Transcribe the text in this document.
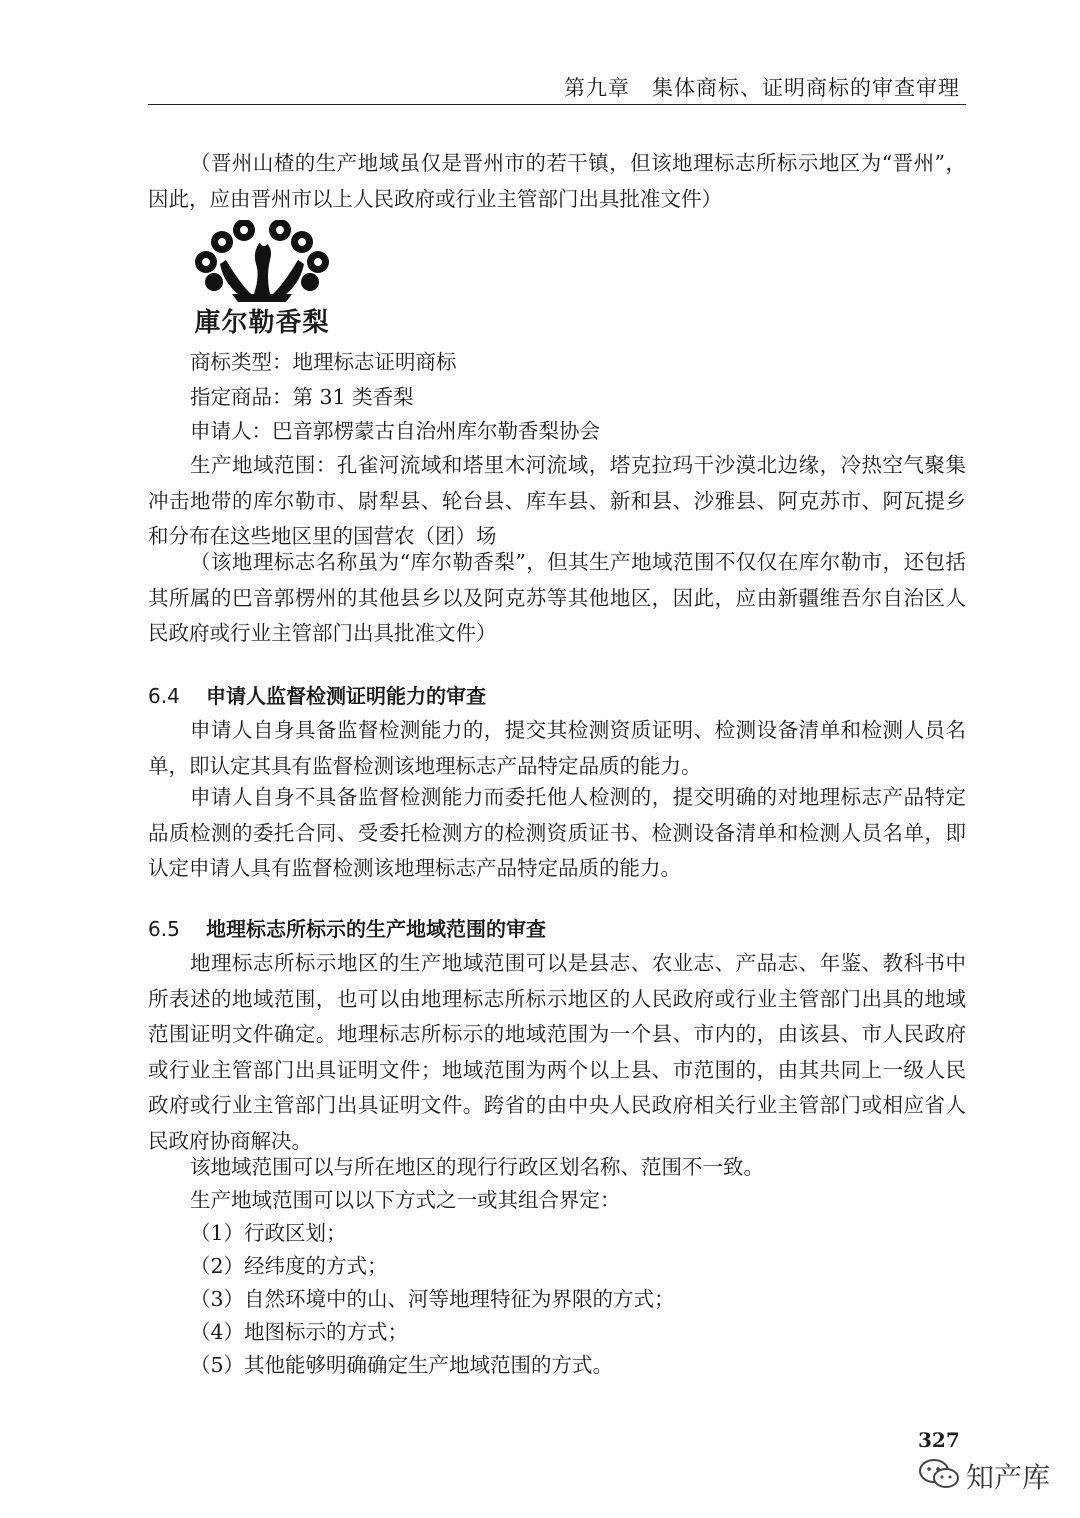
第九章　集体商标、证明商标的审查审理

（晋州山楂的生产地域虽仅是晋州市的若干镇，但该地理标志所标示地区为“晋州”，因此，应由晋州市以上人民政府或行业主管部门出具批准文件）

庫尔勒香梨

商标类型：地理标志证明商标

指定商品：第 31 类香梨

申请人：巴音郭楞蒙古自治州库尔勒香梨协会

生产地域范围：孔雀河流域和塔里木河流域，塔克拉玛干沙漠北边缘，冷热空气聚集冲击地带的库尔勒市、尉犁县、轮台县、库车县、新和县、沙雅县、阿克苏市、阿瓦提乡和分布在这些地区里的国营农（团）场

（该地理标志名称虽为“库尔勒香梨”，但其生产地域范围不仅仅在库尔勒市，还包括其所属的巴音郭楞州的其他县乡以及阿克苏等其他地区，因此，应由新疆维吾尔自治区人民政府或行业主管部门出具批准文件）

6.4 申请人监督检测证明能力的审查

申请人自身具备监督检测能力的，提交其检测资质证明、检测设备清单和检测人员名单，即认定其具有监督检测该地理标志产品特定品质的能力。

申请人自身不具备监督检测能力而委托他人检测的，提交明确的对地理标志产品特定品质检测的委托合同、受委托检测方的检测资质证书、检测设备清单和检测人员名单，即认定申请人具有监督检测该地理标志产品特定品质的能力。

6.5 地理标志所标示的生产地域范围的审查

地理标志所标示地区的生产地域范围可以是县志、农业志、产品志、年鉴、教科书中所表述的地域范围，也可以由地理标志所标示地区的人民政府或行业主管部门出具的地域范围证明文件确定。地理标志所标示的地域范围为一个县、市内的，由该县、市人民政府或行业主管部门出具证明文件；地域范围为两个以上县、市范围的，由其共同上一级人民政府或行业主管部门出具证明文件。跨省的由中央人民政府相关行业主管部门或相应省人民政府协商解决。

该地域范围可以与所在地区的现行行政区划名称、范围不一致。

生产地域范围可以以下方式之一或其组合界定：

（1）行政区划；

（2）经纬度的方式；

（3）自然环境中的山、河等地理特征为界限的方式；

（4）地图标示的方式；

（5）其他能够明确确定生产地域范围的方式。

327
知产库
